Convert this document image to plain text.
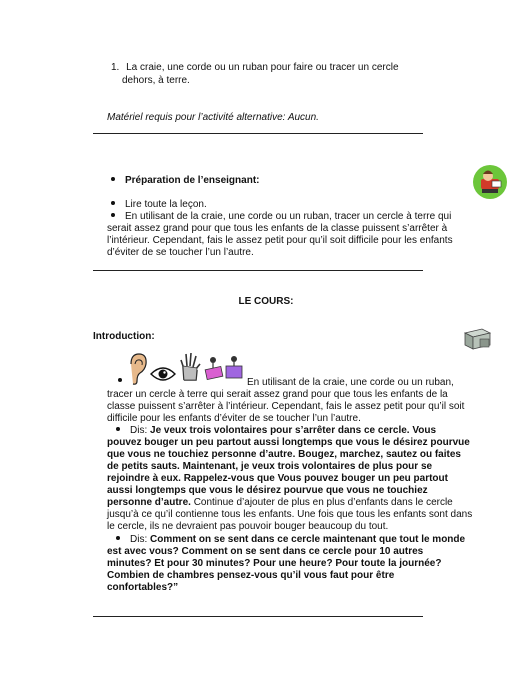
1. La craie, une corde ou un ruban pour faire ou tracer un cercle
dehors, à terre.
Matériel requis pour l’activité alternative: Aucun.
Préparation de l’enseignant:
Lire toute la leçon.
En utilisant de la craie, une corde ou un ruban, tracer un cercle à terre qui serait assez grand pour que tous les enfants de la classe puissent s’arrêter à l’intérieur. Cependant, fais le assez petit pour qu’il soit difficile pour les enfants d’éviter de se toucher l’un l’autre.
LE COURS:
Introduction:
En utilisant de la craie, une corde ou un ruban, tracer un cercle à terre qui serait assez grand pour que tous les enfants de la classe puissent s’arrêter à l’intérieur. Cependant, fais le assez petit pour qu’il soit difficile pour les enfants d’éviter de se toucher l’un l’autre.
Dis: Je veux trois volontaires pour s’arrêter dans ce cercle. Vous pouvez bouger un peu partout aussi longtemps que vous le désirez pourvue que vous ne touchiez personne d’autre. Bougez, marchez, sautez ou faites de petits sauts. Maintenant, je veux trois volontaires de plus pour se rejoindre à eux. Rappelez-vous que Vous pouvez bouger un peu partout aussi longtemps que vous le désirez pourvue que vous ne touchiez personne d’autre. Continue d’ajouter de plus en plus d’enfants dans le cercle jusqu’à ce qu’il contienne tous les enfants. Une fois que tous les enfants sont dans le cercle, ils ne devraient pas pouvoir bouger beaucoup du tout.
Dis: Comment on se sent dans ce cercle maintenant que tout le monde est avec vous? Comment on se sent dans ce cercle pour 10 autres minutes? Et pour 30 minutes? Pour une heure? Pour toute la journée? Combien de chambres pensez-vous qu’il vous faut pour être confortables?”
